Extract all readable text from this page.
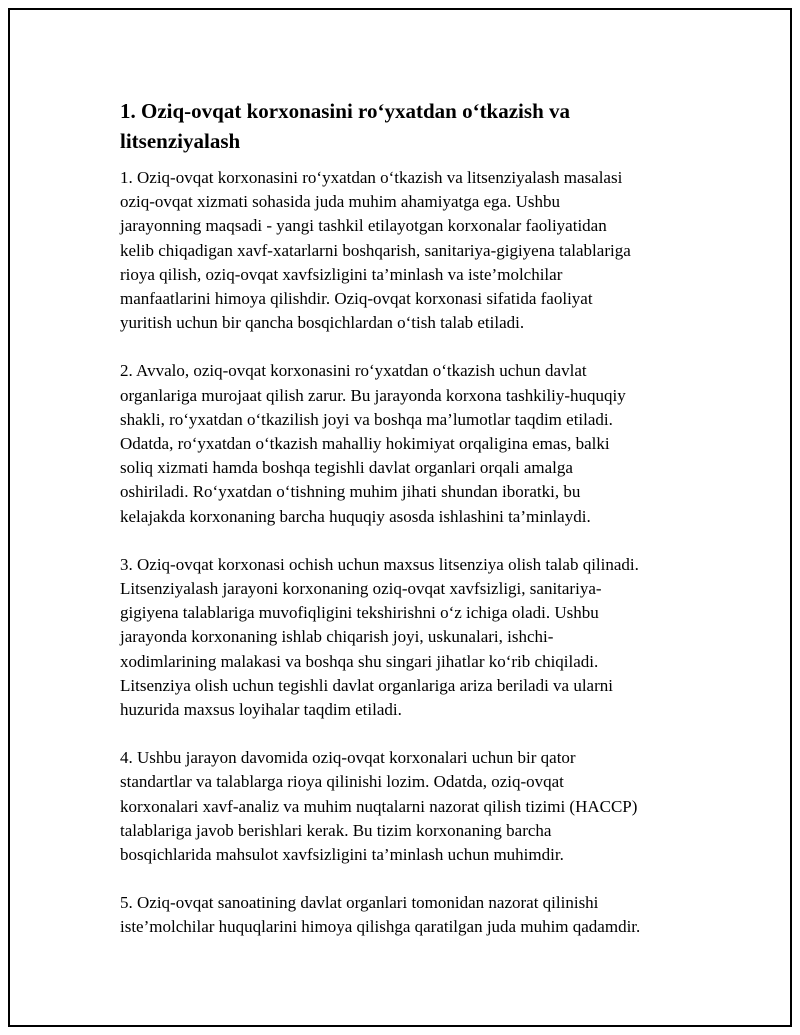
1. Oziq-ovqat korxonasini ro‘yxatdan o‘tkazish va
litsenziyalash

1. Oziq-ovqat korxonasini ro‘yxatdan o‘tkazish va litsenziyalash masalasi
oziq-ovqat xizmati sohasida juda muhim ahamiyatga ega. Ushbu
jarayonning maqsadi - yangi tashkil etilayotgan korxonalar faoliyatidan
kelib chiqadigan xavf-xatarlarni boshqarish, sanitariya-gigiyena talablariga
rioya qilish, oziq-ovqat xavfsizligini ta’minlash va iste’molchilar
manfaatlarini himoya qilishdir. Oziq-ovqat korxonasi sifatida faoliyat
yuritish uchun bir qancha bosqichlardan o‘tish talab etiladi.

2. Avvalo, oziq-ovqat korxonasini ro‘yxatdan o‘tkazish uchun davlat
organlariga murojaat qilish zarur. Bu jarayonda korxona tashkiliy-huquqiy
shakli, ro‘yxatdan o‘tkazilish joyi va boshqa ma’lumotlar taqdim etiladi.
Odatda, ro‘yxatdan o‘tkazish mahalliy hokimiyat orqaligina emas, balki
soliq xizmati hamda boshqa tegishli davlat organlari orqali amalga
oshiriladi. Ro‘yxatdan o‘tishning muhim jihati shundan iboratki, bu
kelajakda korxonaning barcha huquqiy asosda ishlashini ta’minlaydi.

3. Oziq-ovqat korxonasi ochish uchun maxsus litsenziya olish talab qilinadi.
Litsenziyalash jarayoni korxonaning oziq-ovqat xavfsizligi, sanitariya-
gigiyena talablariga muvofiqligini tekshirishni o‘z ichiga oladi. Ushbu
jarayonda korxonaning ishlab chiqarish joyi, uskunalari, ishchi-
xodimlarining malakasi va boshqa shu singari jihatlar ko‘rib chiqiladi.
Litsenziya olish uchun tegishli davlat organlariga ariza beriladi va ularni
huzurida maxsus loyihalar taqdim etiladi.

4. Ushbu jarayon davomida oziq-ovqat korxonalari uchun bir qator
standartlar va talablarga rioya qilinishi lozim. Odatda, oziq-ovqat
korxonalari xavf-analiz va muhim nuqtalarni nazorat qilish tizimi (HACCP)
talablariga javob berishlari kerak. Bu tizim korxonaning barcha
bosqichlarida mahsulot xavfsizligini ta’minlash uchun muhimdir.

5. Oziq-ovqat sanoatining davlat organlari tomonidan nazorat qilinishi
iste’molchilar huquqlarini himoya qilishga qaratilgan juda muhim qadamdir.
